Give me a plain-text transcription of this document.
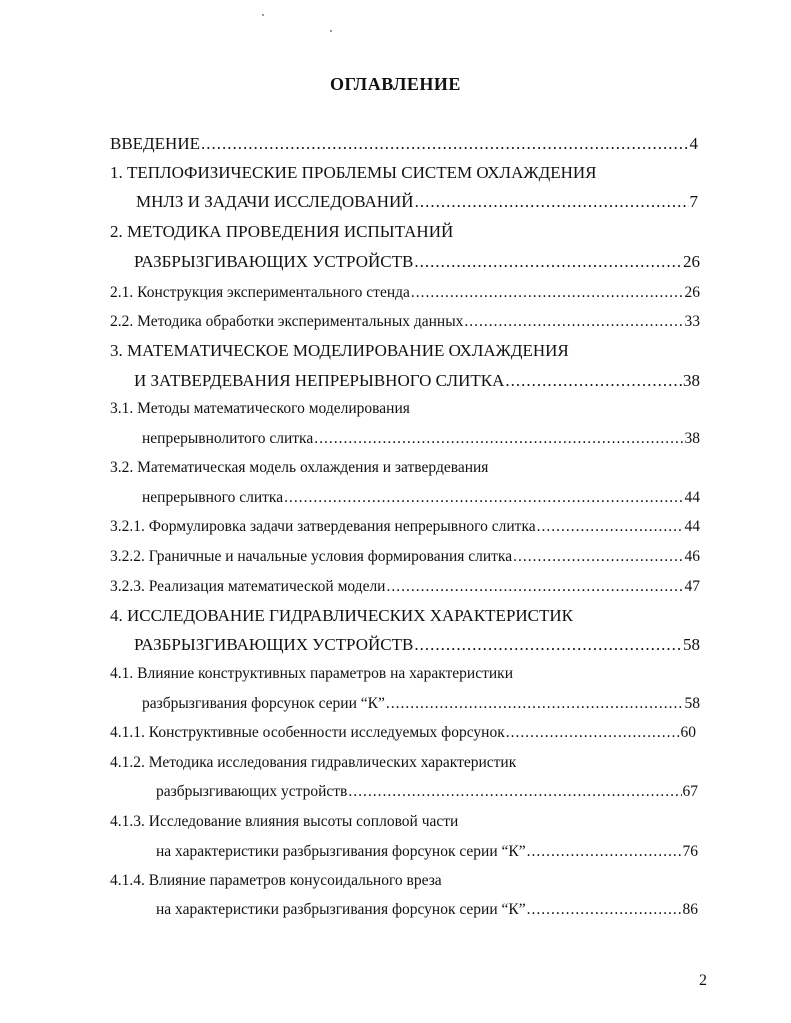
ОГЛАВЛЕНИЕ
ВВЕДЕНИЕ .....	4
1. ТЕПЛОФИЗИЧЕСКИЕ ПРОБЛЕМЫ СИСТЕМ ОХЛАЖДЕНИЯ
МНЛЗ И ЗАДАЧИ ИССЛЕДОВАНИЙ .....	7
2. МЕТОДИКА ПРОВЕДЕНИЯ ИСПЫТАНИЙ
РАЗБРЫЗГИВАЮЩИХ УСТРОЙСТВ .....	26
2.1. Конструкция экспериментального стенда .....	26
2.2. Методика обработки экспериментальных данных .....	33
3. МАТЕМАТИЧЕСКОЕ МОДЕЛИРОВАНИЕ ОХЛАЖДЕНИЯ
И ЗАТВЕРДЕВАНИЯ НЕПРЕРЫВНОГО СЛИТКА .....	38
3.1. Методы математического моделирования
непрерывнолитого слитка .....	38
3.2. Математическая модель охлаждения и затвердевания
непрерывного слитка .....	44
3.2.1. Формулировка задачи затвердевания непрерывного слитка .....	44
3.2.2. Граничные и начальные условия формирования слитка .....	46
3.2.3. Реализация математической модели .....	47
4. ИССЛЕДОВАНИЕ ГИДРАВЛИЧЕСКИХ ХАРАКТЕРИСТИК
РАЗБРЫЗГИВАЮЩИХ УСТРОЙСТВ .....	58
4.1. Влияние конструктивных параметров на характеристики
разбрызгивания форсунок серии “К” .....	58
4.1.1. Конструктивные особенности исследуемых форсунок .....	60
4.1.2. Методика исследования гидравлических характеристик
разбрызгивающих устройств .....	67
4.1.3. Исследование влияния высоты сопловой части
на характеристики разбрызгивания форсунок серии “К” .....	76
4.1.4. Влияние параметров конусоидального вреза
на характеристики разбрызгивания форсунок серии “К” .....	86
2
